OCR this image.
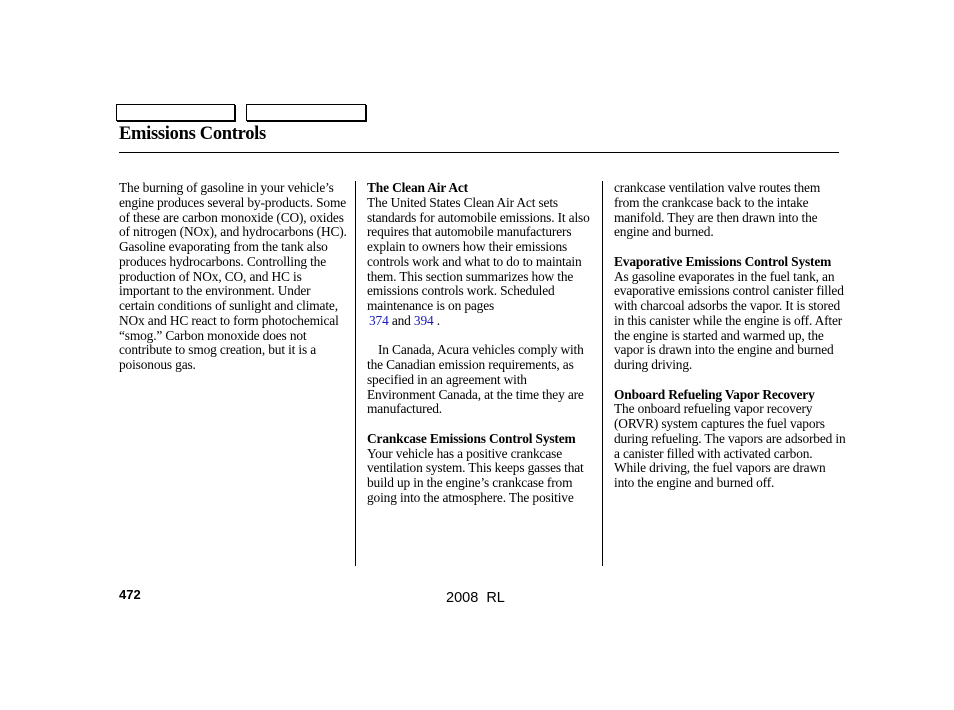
Emissions Controls

The burning of gasoline in your vehicle’s engine produces several by-products. Some of these are carbon monoxide (CO), oxides of nitrogen (NOx), and hydrocarbons (HC). Gasoline evaporating from the tank also produces hydrocarbons. Controlling the production of NOx, CO, and HC is important to the environment. Under certain conditions of sunlight and climate, NOx and HC react to form photochemical “smog.” Carbon monoxide does not contribute to smog creation, but it is a poisonous gas.

The Clean Air Act

The United States Clean Air Act sets standards for automobile emissions. It also requires that automobile manufacturers explain to owners how their emissions controls work and what to do to maintain them. This section summarizes how the emissions controls work. Scheduled maintenance is on pages
374 and 394 .

In Canada, Acura vehicles comply with the Canadian emission requirements, as specified in an agreement with Environment Canada, at the time they are manufactured.

Crankcase Emissions Control System

Your vehicle has a positive crankcase ventilation system. This keeps gasses that build up in the engine’s crankcase from going into the atmosphere. The positive

crankcase ventilation valve routes them from the crankcase back to the intake manifold. They are then drawn into the engine and burned.

Evaporative Emissions Control System

As gasoline evaporates in the fuel tank, an evaporative emissions control canister filled with charcoal adsorbs the vapor. It is stored in this canister while the engine is off. After the engine is started and warmed up, the vapor is drawn into the engine and burned during driving.

Onboard Refueling Vapor Recovery

The onboard refueling vapor recovery (ORVR) system captures the fuel vapors during refueling. The vapors are adsorbed in a canister filled with activated carbon. While driving, the fuel vapors are drawn into the engine and burned off.

472	2008  RL
